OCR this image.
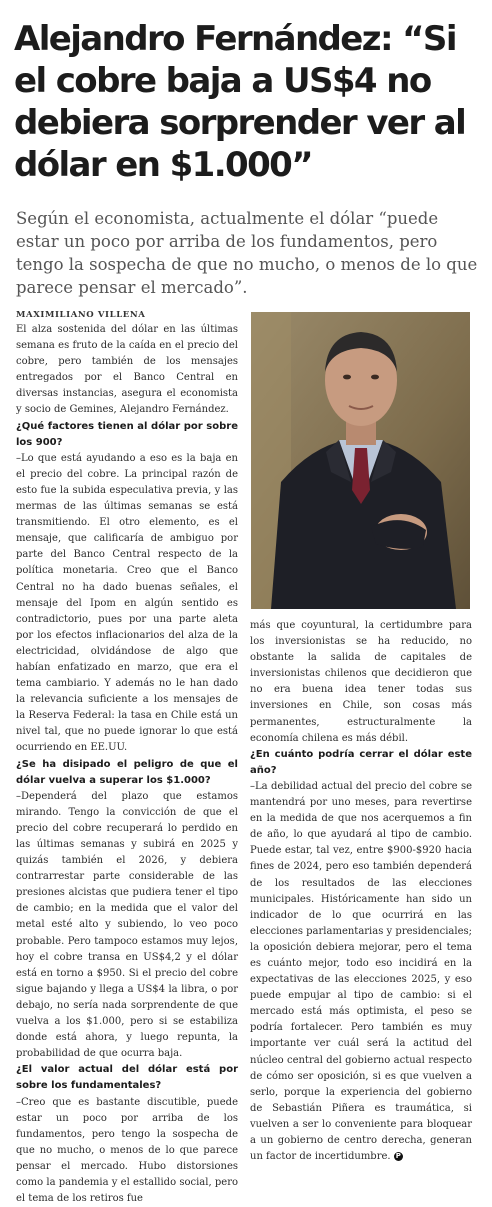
Alejandro Fernández: “Si el cobre baja a US$4 no debiera sorprender ver al dólar en $1.000”
Según el economista, actualmente el dólar “puede estar un poco por arriba de los fundamentos, pero tengo la sospecha de que no mucho, o menos de lo que parece pensar el mercado”.
MAXIMILIANO VILLENA

El alza sostenida del dólar en las últimas semana es fruto de la caída en el precio del cobre, pero también de los mensajes entregados por el Banco Central en diversas instancias, asegura el economista y socio de Gemines, Alejandro Fernández.

¿Qué factores tienen al dólar por sobre los 900?

–Lo que está ayudando a eso es la baja en el precio del cobre. La principal razón de esto fue la subida especulativa previa, y las mermas de las últimas semanas se está transmitiendo. El otro elemento, es el mensaje, que calificaría de ambiguo por parte del Banco Central respecto de la política monetaria. Creo que el Banco Central no ha dado buenas señales, el mensaje del Ipom en algún sentido es contradictorio, pues por una parte aleta por los efectos inflacionarios del alza de la electricidad, olvidándose de algo que habían enfatizado en marzo, que era el tema cambiario. Y además no le han dado la relevancia suficiente a los mensajes de la Reserva Federal: la tasa en Chile está un nivel tal, que no puede ignorar lo que está ocurriendo en EE.UU.

¿Se ha disipado el peligro de que el dólar vuelva a superar los $1.000?

–Dependerá del plazo que estamos mirando. Tengo la convicción de que el precio del cobre recuperará lo perdido en las últimas semanas y subirá en 2025 y quizás también el 2026, y debiera contrarrestar parte considerable de las presiones alcistas que pudiera tener el tipo de cambio; en la medida que el valor del metal esté alto y subiendo, lo veo poco probable. Pero tampoco estamos muy lejos, hoy el cobre transa en US$4,2 y el dólar está en torno a $950. Si el precio del cobre sigue bajando y llega a US$4 la libra, o por debajo, no sería nada sorprendente de que vuelva a los $1.000, pero si se estabiliza donde está ahora, y luego repunta, la probabilidad de que ocurra baja.

¿El valor actual del dólar está por sobre los fundamentales?

–Creo que es bastante discutible, puede estar un poco por arriba de los fundamentos, pero tengo la sospecha de que no mucho, o menos de lo que parece pensar el mercado. Hubo distorsiones como la pandemia y el estallido social, pero el tema de los retiros fue

más que coyuntural, la certidumbre para los inversionistas se ha reducido, no obstante la salida de capitales de inversionistas chilenos que decidieron que no era buena idea tener todas sus inversiones en Chile, son cosas más permanentes, estructuralmente la economía chilena es más débil.

¿En cuánto podría cerrar el dólar este año?

–La debilidad actual del precio del cobre se mantendrá por uno meses, para revertirse en la medida de que nos acerquemos a fin de año, lo que ayudará al tipo de cambio. Puede estar, tal vez, entre $900-$920 hacia fines de 2024, pero eso también dependerá de los resultados de las elecciones municipales. Históricamente han sido un indicador de lo que ocurrirá en las elecciones parlamentarias y presidenciales; la oposición debiera mejorar, pero el tema es cuánto mejor, todo eso incidirá en la expectativas de las elecciones 2025, y eso puede empujar al tipo de cambio: si el mercado está más optimista, el peso se podría fortalecer. Pero también es muy importante ver cuál será la actitud del núcleo central del gobierno actual respecto de cómo ser oposición, si es que vuelven a serlo, porque la experiencia del gobierno de Sebastián Piñera es traumática, si vuelven a ser lo conveniente para bloquear a un gobierno de centro derecha, generan un factor de incertidumbre. P
